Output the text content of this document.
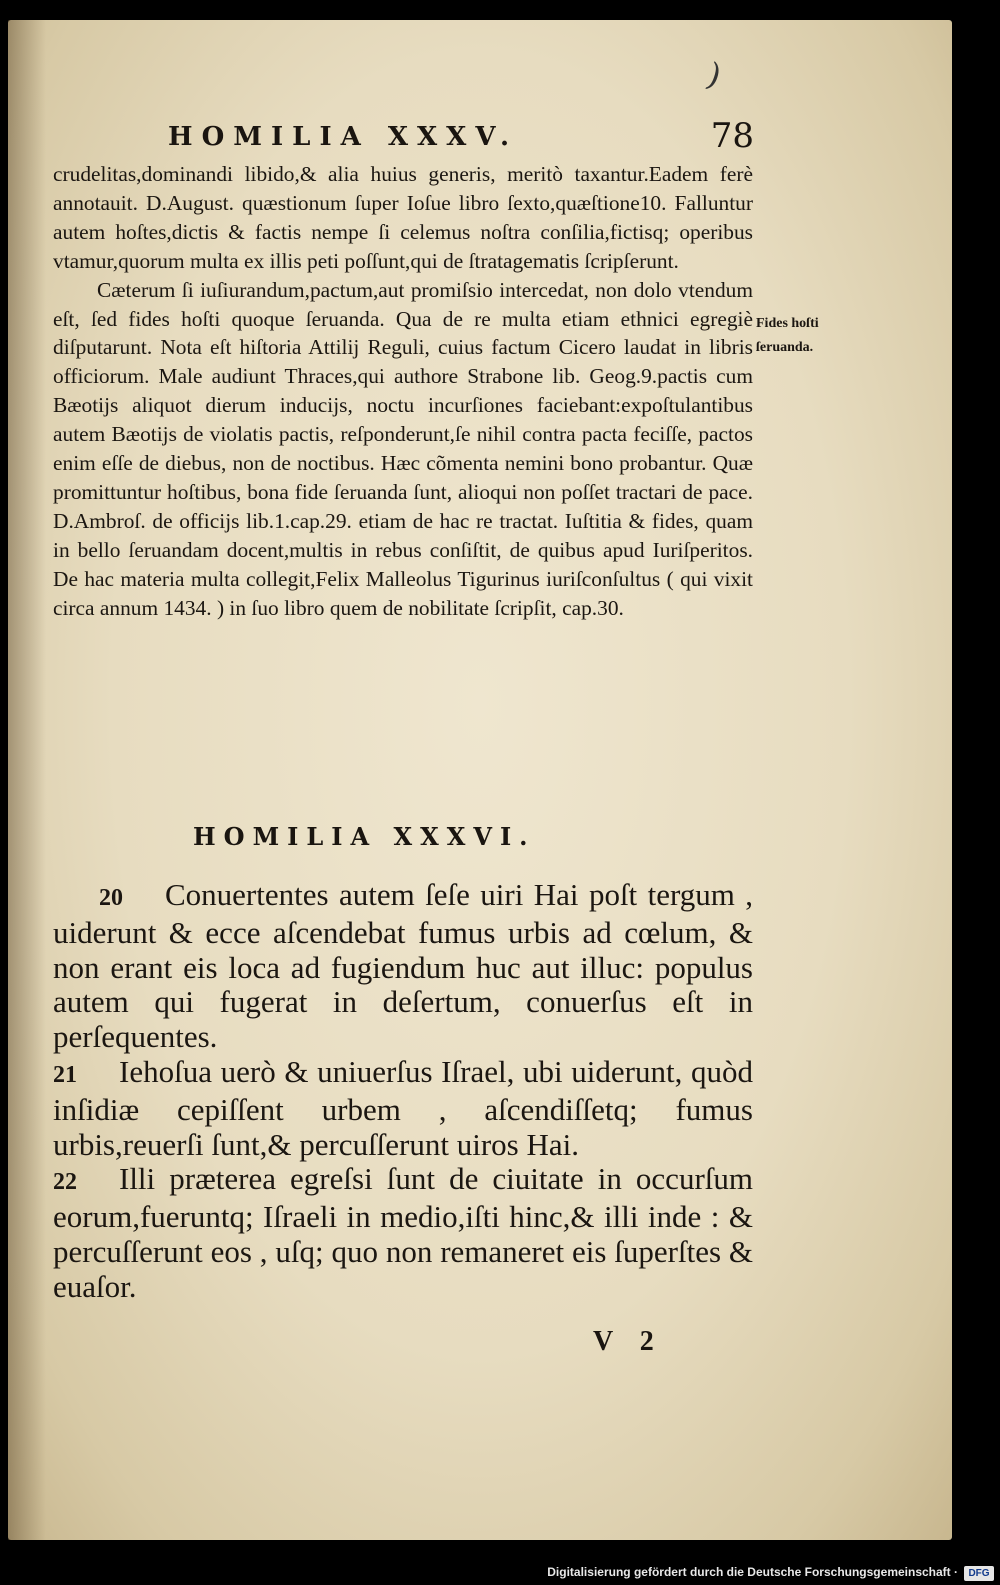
)
HOMILIA XXXV.	78

crudelitas,dominandi libido,& alia huius generis, meritò taxantur.Eadem ferè annotauit. D.August. quæstionum ſuper Ioſue libro ſexto,quæſtione10. Falluntur autem hoſtes,dictis & factis nempe ſi celemus noſtra conſilia,fictisq; operibus vtamur,quorum multa ex illis peti poſſunt,qui de ſtratagematis ſcripſerunt.

Cæterum ſi iuſiurandum,pactum,aut promiſsio intercedat, non dolo vtendum eſt, ſed fides hoſti quoque ſeruanda. Qua de re multa etiam ethnici egregiè diſputarunt. Nota eſt hiſtoria Attilij Reguli, cuius factum Cicero laudat in libris officiorum. Male audiunt Thraces,qui authore Strabone lib. Geog.9.pactis cum Bæotijs aliquot dierum inducijs, noctu incurſiones faciebant:expoſtulantibus autem Bæotijs de violatis pactis, reſponderunt,ſe nihil contra pacta feciſſe, pactos enim eſſe de diebus, non de noctibus. Hæc cõmenta nemini bono probantur. Quæ promittuntur hoſtibus, bona fide ſeruanda ſunt, alioqui non poſſet tractari de pace. D.Ambroſ. de officijs lib.1.cap.29. etiam de hac re tractat. Iuſtitia & fides, quam in bello ſeruandam docent,multis in rebus conſiſtit, de quibus apud Iuriſperitos. De hac materia multa collegit,Felix Malleolus Tigurinus iuriſconſultus ( qui vixit circa annum 1434. ) in ſuo libro quem de nobilitate ſcripſit, cap.30.

Fides hoſti ſeruanda.
HOMILIA XXXVI.

20 Conuertentes autem ſeſe uiri Hai poſt tergum , uiderunt & ecce aſcendebat fumus urbis ad cœlum, & non erant eis loca ad fugiendum huc aut illuc: populus autem qui fugerat in deſertum, conuerſus eſt in perſequentes.

21 Iehoſua uerò & uniuerſus Iſrael, ubi uiderunt, quòd inſidiæ cepiſſent urbem , aſcendiſſetq; fumus urbis,reuerſi ſunt,& percuſſerunt uiros Hai.

22 Illi præterea egreſsi ſunt de ciuitate in occurſum eorum,fueruntq; Iſraeli in medio,iſti hinc,& illi inde : & percuſſerunt eos , uſq; quo non remaneret eis ſuperſtes & euaſor.

V 2
Digitalisierung gefördert durch die Deutsche Forschungsgemeinschaft ·	DFG
